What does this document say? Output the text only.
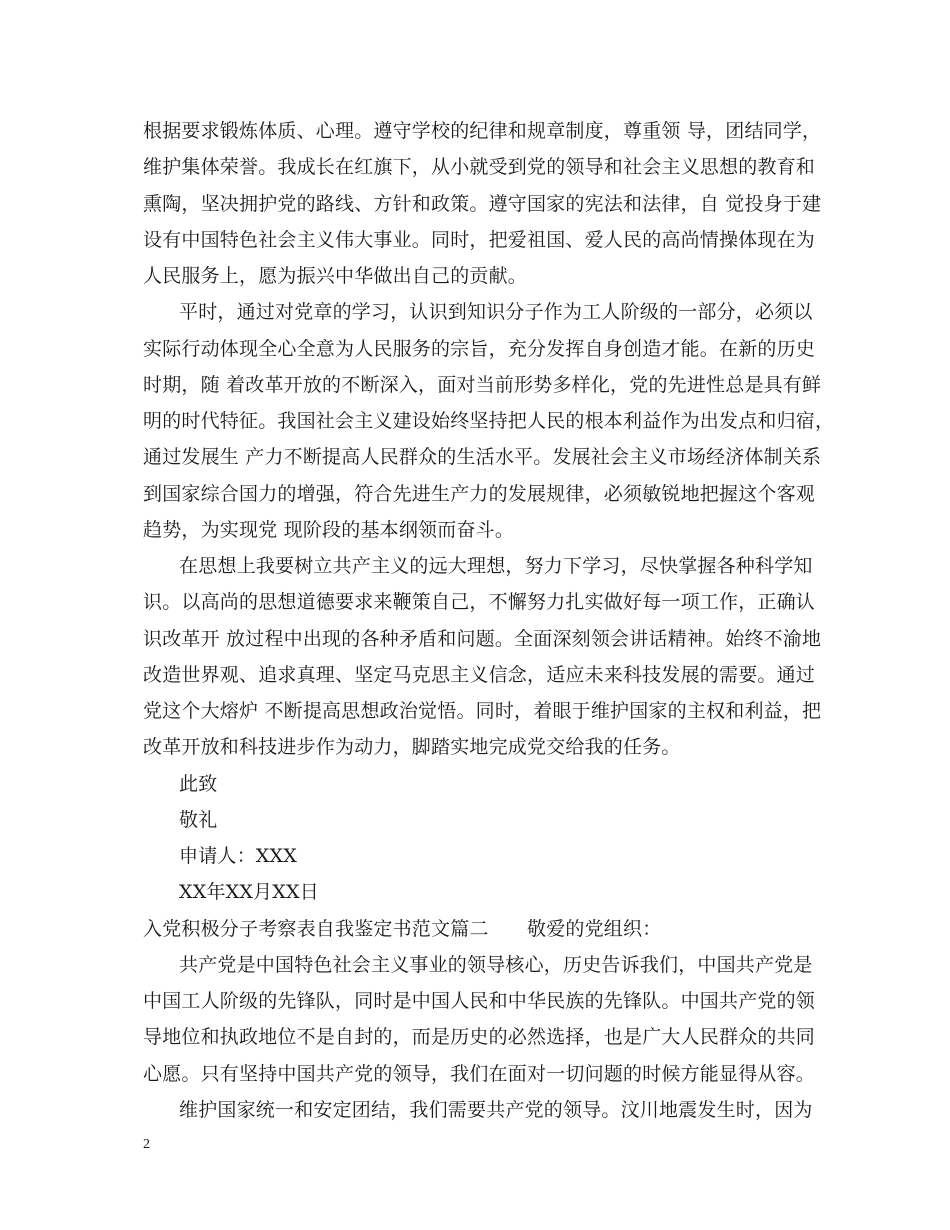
根据要求锻炼体质、心理。遵守学校的纪律和规章制度，尊重领 导，团结同学，
维护集体荣誉。我成长在红旗下，从小就受到党的领导和社会主义思想的教育和
熏陶，坚决拥护党的路线、方针和政策。遵守国家的宪法和法律，自 觉投身于建
设有中国特色社会主义伟大事业。同时，把爱祖国、爱人民的高尚情操体现在为
人民服务上，愿为振兴中华做出自己的贡献。
平时，通过对党章的学习，认识到知识分子作为工人阶级的一部分，必须以
实际行动体现全心全意为人民服务的宗旨，充分发挥自身创造才能。在新的历史
时期，随 着改革开放的不断深入，面对当前形势多样化，党的先进性总是具有鲜
明的时代特征。我国社会主义建设始终坚持把人民的根本利益作为出发点和归宿，
通过发展生 产力不断提高人民群众的生活水平。发展社会主义市场经济体制关系
到国家综合国力的增强，符合先进生产力的发展规律，必须敏锐地把握这个客观
趋势，为实现党 现阶段的基本纲领而奋斗。
在思想上我要树立共产主义的远大理想，努力下学习，尽快掌握各种科学知
识。以高尚的思想道德要求来鞭策自己，不懈努力扎实做好每一项工作，正确认
识改革开 放过程中出现的各种矛盾和问题。全面深刻领会讲话精神。始终不渝地
改造世界观、追求真理、坚定马克思主义信念，适应未来科技发展的需要。通过
党这个大熔炉 不断提高思想政治觉悟。同时，着眼于维护国家的主权和利益，把
改革开放和科技进步作为动力，脚踏实地完成党交给我的任务。
此致
敬礼
申请人：XXX
XX年XX月XX日
入党积极分子考察表自我鉴定书范文篇二　　敬爱的党组织：
共产党是中国特色社会主义事业的领导核心，历史告诉我们，中国共产党是
中国工人阶级的先锋队，同时是中国人民和中华民族的先锋队。中国共产党的领
导地位和执政地位不是自封的，而是历史的必然选择，也是广大人民群众的共同
心愿。只有坚持中国共产党的领导，我们在面对一切问题的时候方能显得从容。
维护国家统一和安定团结，我们需要共产党的领导。汶川地震发生时，因为
2
